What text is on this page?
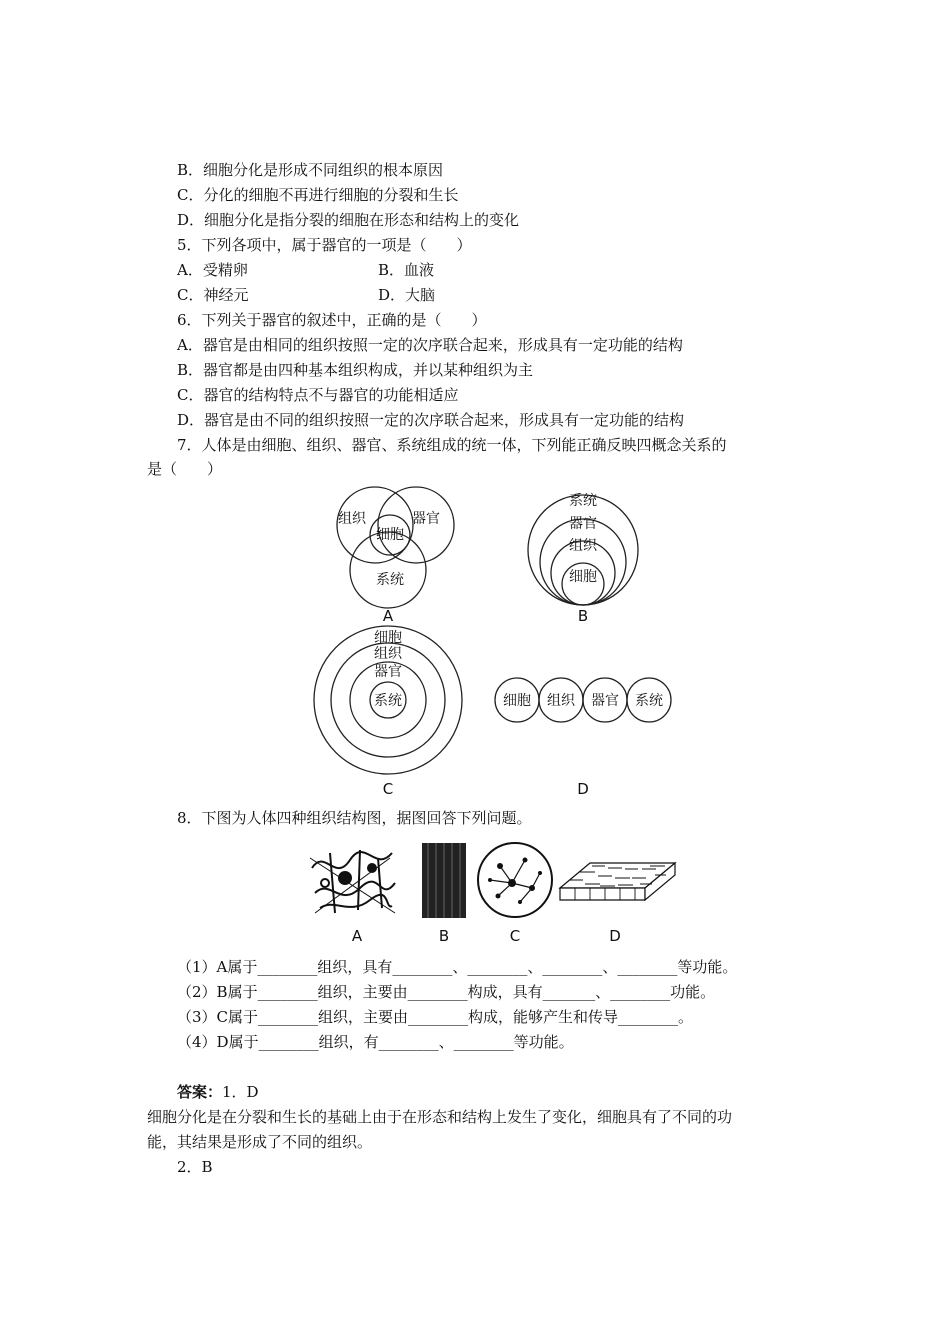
B．细胞分化是形成不同组织的根本原因
C．分化的细胞不再进行细胞的分裂和生长
D．细胞分化是指分裂的细胞在形态和结构上的变化
5．下列各项中，属于器官的一项是（　　）
A．受精卵	B．血液
C．神经元	D．大脑
6．下列关于器官的叙述中，正确的是（　　）
A．器官是由相同的组织按照一定的次序联合起来，形成具有一定功能的结构
B．器官都是由四种基本组织构成，并以某种组织为主
C．器官的结构特点不与器官的功能相适应
D．器官是由不同的组织按照一定的次序联合起来，形成具有一定功能的结构
7．人体是由细胞、组织、器官、系统组成的统一体，下列能正确反映四概念关系的
是（　　）
组织	器官
细胞
系统
系统
器官
组织
细胞
细胞
组织
器官
系统	细胞 组织 器官 系统
A	B
C	D
8．下图为人体四种组织结构图，据图回答下列问题。
A	B	C	D
（1）A属于________组织，具有________、________、________、________等功能。
（2）B属于________组织，主要由________构成，具有_______、________功能。
（3）C属于________组织，主要由________构成，能够产生和传导________。
（4）D属于________组织，有________、________等功能。
答案：1．D
细胞分化是在分裂和生长的基础上由于在形态和结构上发生了变化，细胞具有了不同的功
能，其结果是形成了不同的组织。
2．B
